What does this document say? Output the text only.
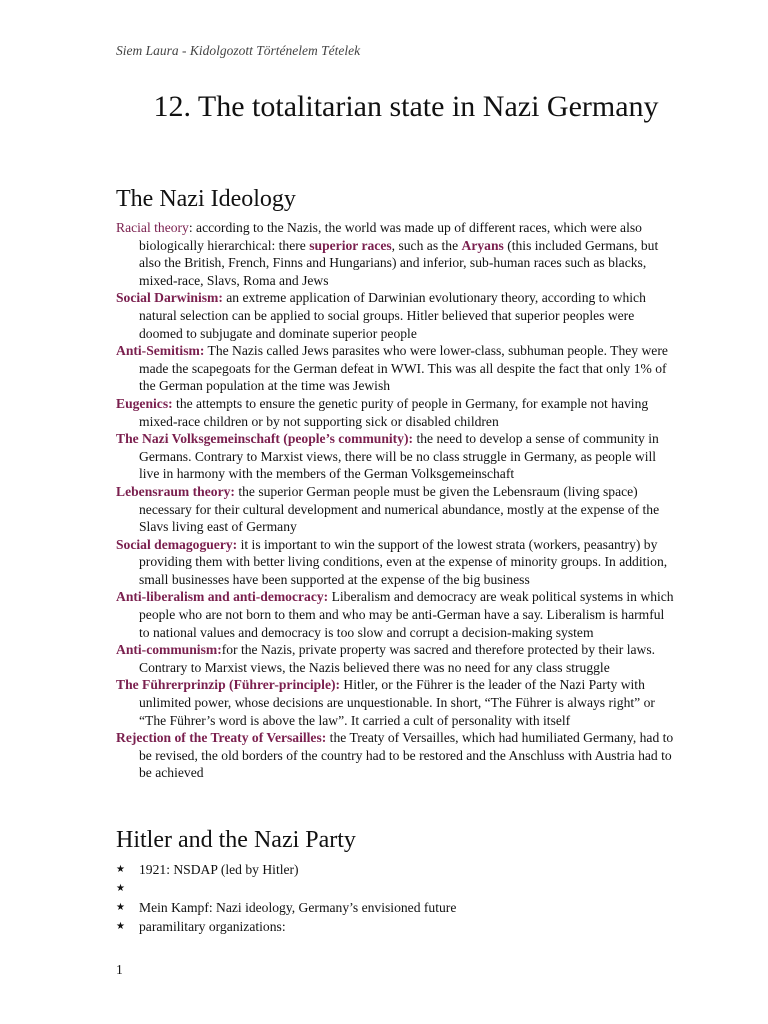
Siem Laura - Kidolgozott Történelem Tételek
12. The totalitarian state in Nazi Germany
The Nazi Ideology

Racial theory: according to the Nazis, the world was made up of different races, which were also biologically hierarchical: there superior races, such as the Aryans (this included Germans, but also the British, French, Finns and Hungarians) and inferior, sub-human races such as blacks, mixed-race, Slavs, Roma and Jews

Social Darwinism: an extreme application of Darwinian evolutionary theory, according to which natural selection can be applied to social groups. Hitler believed that superior peoples were doomed to subjugate and dominate superior people

Anti-Semitism: The Nazis called Jews parasites who were lower-class, subhuman people. They were made the scapegoats for the German defeat in WWI. This was all despite the fact that only 1% of the German population at the time was Jewish

Eugenics: the attempts to ensure the genetic purity of people in Germany, for example not having mixed-race children or by not supporting sick or disabled children

The Nazi Volksgemeinschaft (people’s community): the need to develop a sense of community in Germans. Contrary to Marxist views, there will be no class struggle in Germany, as people will live in harmony with the members of the German Volksgemeinschaft

Lebensraum theory: the superior German people must be given the Lebensraum (living space) necessary for their cultural development and numerical abundance, mostly at the expense of the Slavs living east of Germany

Social demagoguery: it is important to win the support of the lowest strata (workers, peasantry) by providing them with better living conditions, even at the expense of minority groups. In addition, small businesses have been supported at the expense of the big business

Anti-liberalism and anti-democracy: Liberalism and democracy are weak political systems in which people who are not born to them and who may be anti-German have a say. Liberalism is harmful to national values and democracy is too slow and corrupt a decision-making system

Anti-communism:for the Nazis, private property was sacred and therefore protected by their laws. Contrary to Marxist views, the Nazis believed there was no need for any class struggle

The Führerprinzip (Führer-principle): Hitler, or the Führer is the leader of the Nazi Party with unlimited power, whose decisions are unquestionable. In short, “The Führer is always right” or “The Führer’s word is above the law”. It carried a cult of personality with itself

Rejection of the Treaty of Versailles: the Treaty of Versailles, which had humiliated Germany, had to be revised, the old borders of the country had to be restored and the Anschluss with Austria had to be achieved

Hitler and the Nazi Party
★ 1921: NSDAP (led by Hitler)
★
★ Mein Kampf: Nazi ideology, Germany’s envisioned future
★ paramilitary organizations:
1
